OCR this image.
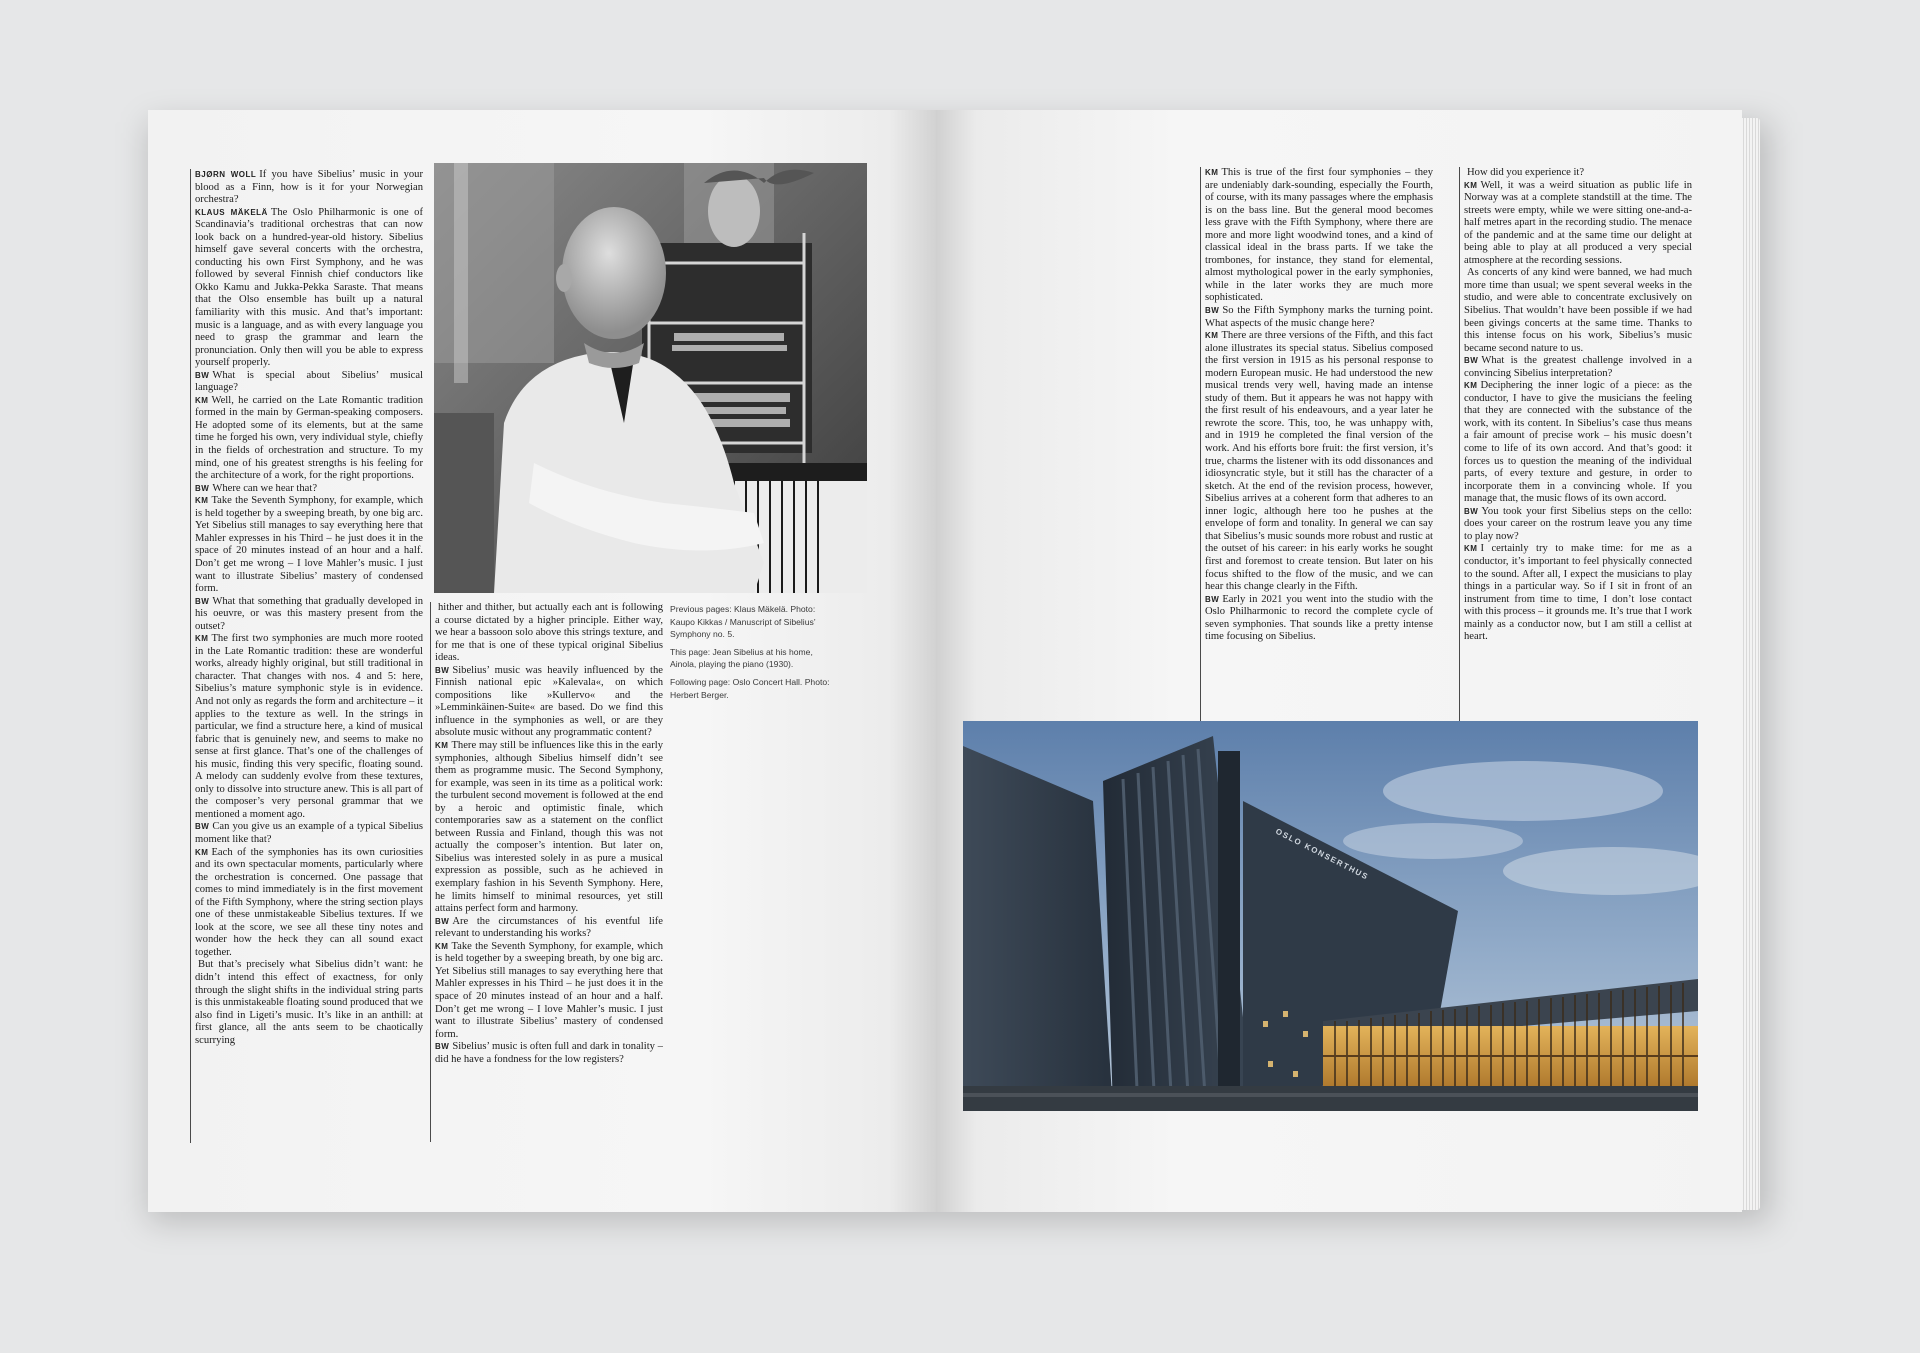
BJØRN WOLL If you have Sibelius’ music in your blood as a Finn, how is it for your Norwegian orchestra?

KLAUS MÄKELÄ The Oslo Philharmonic is one of Scandinavia’s traditional orchestras that can now look back on a hundred-year-old history. Sibelius himself gave several concerts with the orchestra, conducting his own First Symphony, and he was followed by several Finnish chief conductors like Okko Kamu and Jukka-Pekka Saraste. That means that the Olso ensemble has built up a natural familiarity with this music. And that’s important: music is a language, and as with every language you need to grasp the grammar and learn the pronunciation. Only then will you be able to express yourself properly.

BW What is special about Sibelius’ musical language?

KM Well, he carried on the Late Romantic tradition formed in the main by German-speaking composers. He adopted some of its elements, but at the same time he forged his own, very individual style, chiefly in the fields of orchestration and structure. To my mind, one of his greatest strengths is his feeling for the architecture of a work, for the right proportions.

BW Where can we hear that?

KM Take the Seventh Symphony, for example, which is held together by a sweeping breath, by one big arc. Yet Sibelius still manages to say everything here that Mahler expresses in his Third – he just does it in the space of 20 minutes instead of an hour and a half. Don’t get me wrong – I love Mahler’s music. I just want to illustrate Sibelius’ mastery of condensed form.

BW What that something that gradually developed in his oeuvre, or was this mastery present from the outset?

KM The first two symphonies are much more rooted in the Late Romantic tradition: these are wonderful works, already highly original, but still traditional in character. That changes with nos. 4 and 5: here, Sibelius’s mature symphonic style is in evidence. And not only as regards the form and architecture – it applies to the texture as well. In the strings in particular, we find a structure here, a kind of musical fabric that is genuinely new, and seems to make no sense at first glance. That’s one of the challenges of his music, finding this very specific, floating sound. A melody can suddenly evolve from these textures, only to dissolve into structure anew. This is all part of the composer’s very personal grammar that we mentioned a moment ago.

BW Can you give us an example of a typical Sibelius moment like that?

KM Each of the symphonies has its own curiosities and its own spectacular moments, particularly where the orchestration is concerned. One passage that comes to mind immediately is in the first movement of the Fifth Symphony, where the string section plays one of these unmistakeable Sibelius textures. If we look at the score, we see all these tiny notes and wonder how the heck they can all sound exact together.

But that’s precisely what Sibelius didn’t want: he didn’t intend this effect of exactness, for only through the slight shifts in the individual string parts is this unmistakeable floating sound produced that we also find in Ligeti’s music. It’s like in an anthill: at first glance, all the ants seem to be chaotically scurrying

hither and thither, but actually each ant is following a course dictated by a higher principle. Either way, we hear a bassoon solo above this strings texture, and for me that is one of these typical original Sibelius ideas.

BW Sibelius’ music was heavily influenced by the Finnish national epic »Kalevala«, on which compositions like »Kullervo« and the »Lemminkäinen-Suite« are based. Do we find this influence in the symphonies as well, or are they absolute music without any programmatic content?

KM There may still be influences like this in the early symphonies, although Sibelius himself didn’t see them as programme music. The Second Symphony, for example, was seen in its time as a political work: the turbulent second movement is followed at the end by a heroic and optimistic finale, which contemporaries saw as a statement on the conflict between Russia and Finland, though this was not actually the composer’s intention. But later on, Sibelius was interested solely in as pure a musical expression as possible, such as he achieved in exemplary fashion in his Seventh Symphony. Here, he limits himself to minimal resources, yet still attains perfect form and harmony.

BW Are the circumstances of his eventful life relevant to understanding his works?

KM Take the Seventh Symphony, for example, which is held together by a sweeping breath, by one big arc. Yet Sibelius still manages to say everything here that Mahler expresses in his Third – he just does it in the space of 20 minutes instead of an hour and a half. Don’t get me wrong – I love Mahler’s music. I just want to illustrate Sibelius’ mastery of condensed form.

BW Sibelius’ music is often full and dark in tonality – did he have a fondness for the low registers?

Previous pages: Klaus Mäkelä. Photo: Kaupo Kikkas / Manuscript of Sibelius’ Symphony no. 5.

This page: Jean Sibelius at his home, Ainola, playing the piano (1930).

Following page: Oslo Concert Hall. Photo: Herbert Berger.

KM This is true of the first four symphonies – they are undeniably dark-sounding, especially the Fourth, of course, with its many passages where the emphasis is on the bass line. But the general mood becomes less grave with the Fifth Symphony, where there are more and more light woodwind tones, and a kind of classical ideal in the brass parts. If we take the trombones, for instance, they stand for elemental, almost mythological power in the early symphonies, while in the later works they are much more sophisticated.

BW So the Fifth Symphony marks the turning point. What aspects of the music change here?

KM There are three versions of the Fifth, and this fact alone illustrates its special status. Sibelius composed the first version in 1915 as his personal response to modern European music. He had understood the new musical trends very well, having made an intense study of them. But it appears he was not happy with the first result of his endeavours, and a year later he rewrote the score. This, too, he was unhappy with, and in 1919 he completed the final version of the work. And his efforts bore fruit: the first version, it’s true, charms the listener with its odd dissonances and idiosyncratic style, but it still has the character of a sketch. At the end of the revision process, however, Sibelius arrives at a coherent form that adheres to an inner logic, although here too he pushes at the envelope of form and tonality. In general we can say that Sibelius’s music sounds more robust and rustic at the outset of his career: in his early works he sought first and foremost to create tension. But later on his focus shifted to the flow of the music, and we can hear this change clearly in the Fifth.

BW Early in 2021 you went into the studio with the Oslo Philharmonic to record the complete cycle of seven symphonies. That sounds like a pretty intense time focusing on Sibelius.

How did you experience it?

KM Well, it was a weird situation as public life in Norway was at a complete standstill at the time. The streets were empty, while we were sitting one-and-a-half metres apart in the recording studio. The menace of the pandemic and at the same time our delight at being able to play at all produced a very special atmosphere at the recording sessions.

As concerts of any kind were banned, we had much more time than usual; we spent several weeks in the studio, and were able to concentrate exclusively on Sibelius. That wouldn’t have been possible if we had been givings concerts at the same time. Thanks to this intense focus on his work, Sibelius’s music became second nature to us.

BW What is the greatest challenge involved in a convincing Sibelius interpretation?

KM Deciphering the inner logic of a piece: as the conductor, I have to give the musicians the feeling that they are connected with the substance of the work, with its content. In Sibelius’s case thus means a fair amount of precise work – his music doesn’t come to life of its own accord. And that’s good: it forces us to question the meaning of the individual parts, of every texture and gesture, in order to incorporate them in a convincing whole. If you manage that, the music flows of its own accord.

BW You took your first Sibelius steps on the cello: does your career on the rostrum leave you any time to play now?

KM I certainly try to make time: for me as a conductor, it’s important to feel physically connected to the sound. After all, I expect the musicians to play things in a particular way. So if I sit in front of an instrument from time to time, I don’t lose contact with this process – it grounds me. It’s true that I work mainly as a conductor now, but I am still a cellist at heart.

OSLO KONSERTHUS
